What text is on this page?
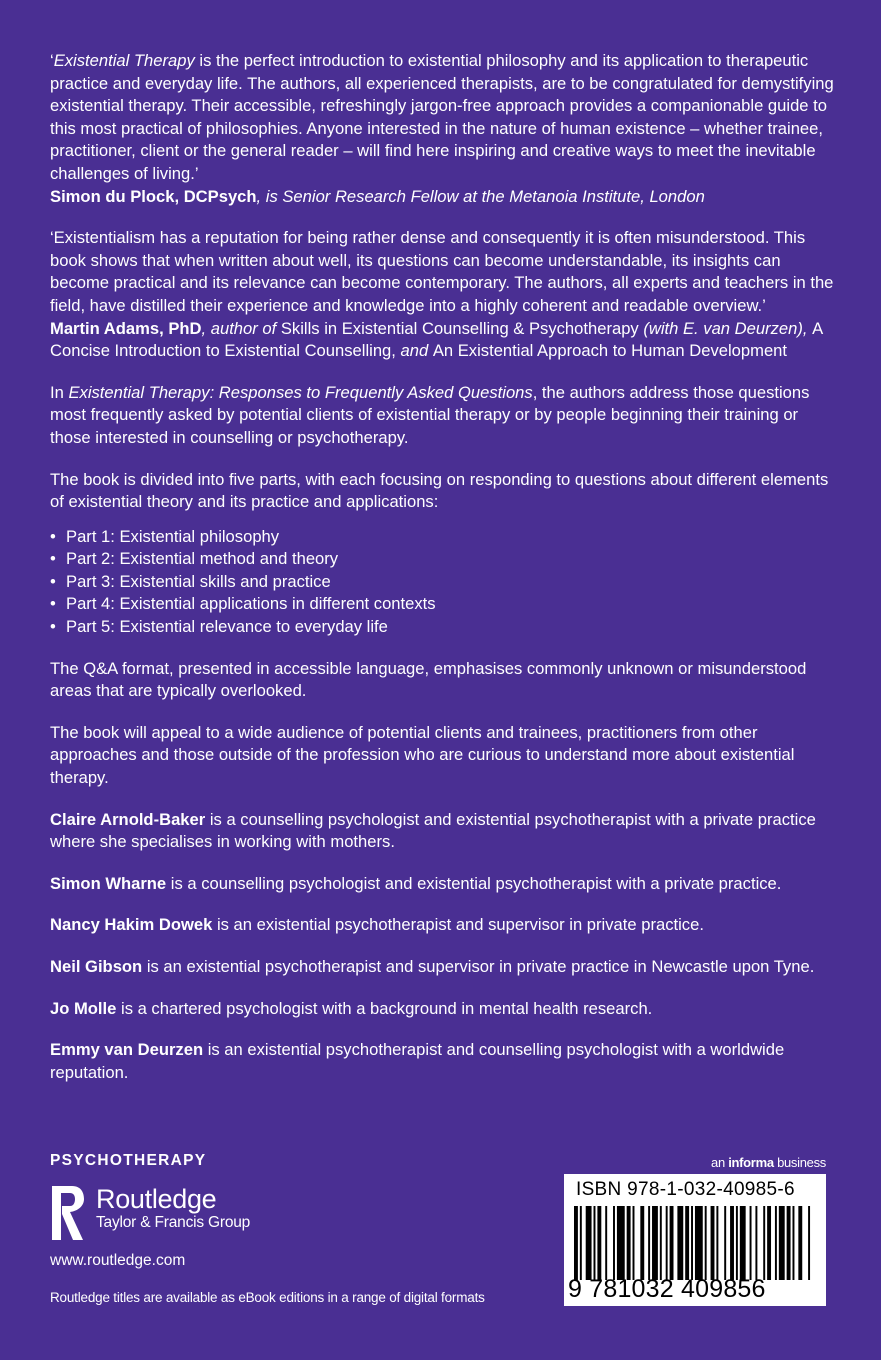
‘Existential Therapy is the perfect introduction to existential philosophy and its application to therapeutic practice and everyday life. The authors, all experienced therapists, are to be congratulated for demystifying existential therapy. Their accessible, refreshingly jargon-free approach provides a companionable guide to this most practical of philosophies. Anyone interested in the nature of human existence – whether trainee, practitioner, client or the general reader – will find here inspiring and creative ways to meet the inevitable challenges of living.’

Simon du Plock, DCPsych, is Senior Research Fellow at the Metanoia Institute, London

‘Existentialism has a reputation for being rather dense and consequently it is often misunderstood. This book shows that when written about well, its questions can become understandable, its insights can become practical and its relevance can become contemporary. The authors, all experts and teachers in the field, have distilled their experience and knowledge into a highly coherent and readable overview.’

Martin Adams, PhD, author of Skills in Existential Counselling & Psychotherapy (with E. van Deurzen), A Concise Introduction to Existential Counselling, and An Existential Approach to Human Development

In Existential Therapy: Responses to Frequently Asked Questions, the authors address those questions most frequently asked by potential clients of existential therapy or by people beginning their training or those interested in counselling or psychotherapy.

The book is divided into five parts, with each focusing on responding to questions about different elements of existential theory and its practice and applications:

• Part 1: Existential philosophy
• Part 2: Existential method and theory
• Part 3: Existential skills and practice
• Part 4: Existential applications in different contexts
• Part 5: Existential relevance to everyday life

The Q&A format, presented in accessible language, emphasises commonly unknown or misunderstood areas that are typically overlooked.

The book will appeal to a wide audience of potential clients and trainees, practitioners from other approaches and those outside of the profession who are curious to understand more about existential therapy.

Claire Arnold-Baker is a counselling psychologist and existential psychotherapist with a private practice where she specialises in working with mothers.

Simon Wharne is a counselling psychologist and existential psychotherapist with a private practice.

Nancy Hakim Dowek is an existential psychotherapist and supervisor in private practice.

Neil Gibson is an existential psychotherapist and supervisor in private practice in Newcastle upon Tyne.

Jo Molle is a chartered psychologist with a background in mental health research.

Emmy van Deurzen is an existential psychotherapist and counselling psychologist with a worldwide reputation.

PSYCHOTHERAPY
Routledge
Taylor & Francis Group
www.routledge.com
Routledge titles are available as eBook editions in a range of digital formats
an informa business
ISBN 978-1-032-40985-6
9 781032 409856
